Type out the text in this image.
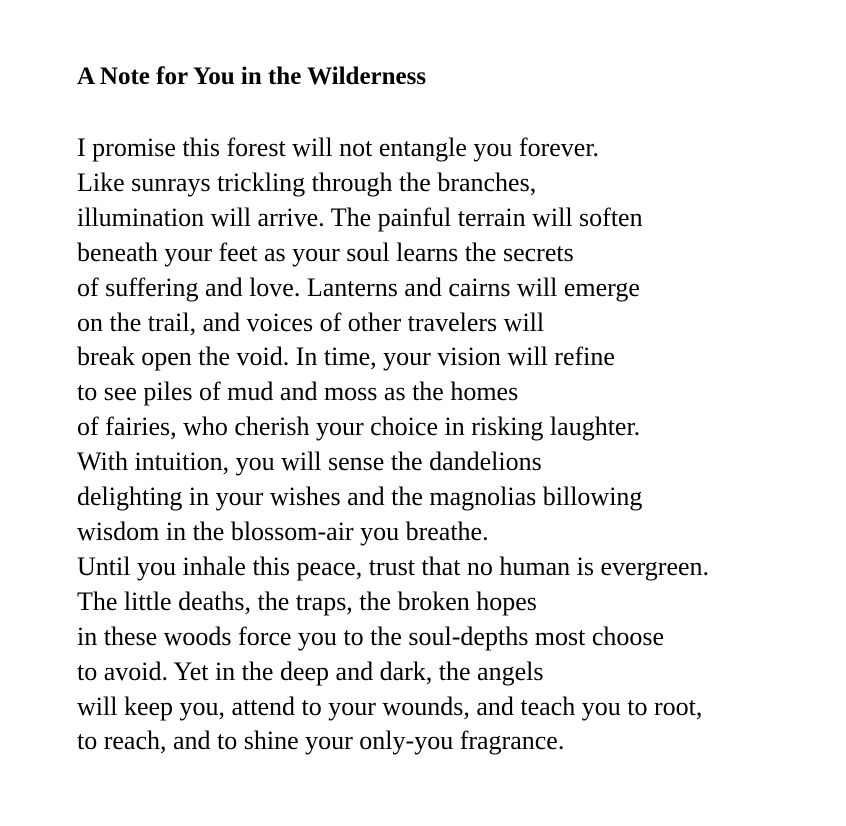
A Note for You in the Wilderness
I promise this forest will not entangle you forever.
Like sunrays trickling through the branches,
illumination will arrive. The painful terrain will soften
beneath your feet as your soul learns the secrets
of suffering and love. Lanterns and cairns will emerge
on the trail, and voices of other travelers will
break open the void. In time, your vision will refine
to see piles of mud and moss as the homes
of fairies, who cherish your choice in risking laughter.
With intuition, you will sense the dandelions
delighting in your wishes and the magnolias billowing
wisdom in the blossom-air you breathe.
Until you inhale this peace, trust that no human is evergreen.
The little deaths, the traps, the broken hopes
in these woods force you to the soul-depths most choose
to avoid. Yet in the deep and dark, the angels
will keep you, attend to your wounds, and teach you to root,
to reach, and to shine your only-you fragrance.
